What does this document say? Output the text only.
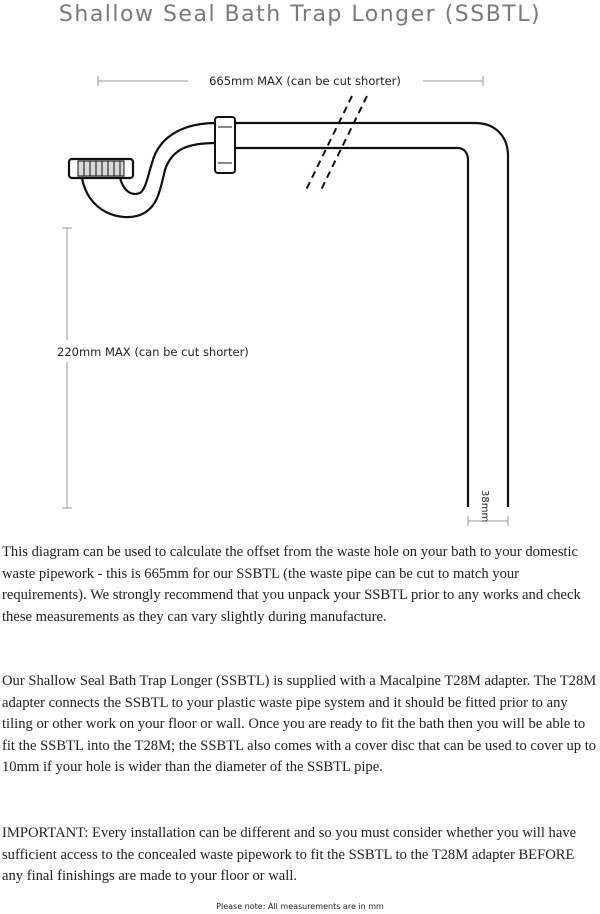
Shallow Seal Bath Trap Longer (SSBTL)
665mm MAX (can be cut shorter)
220mm MAX (can be cut shorter)
38mm

This diagram can be used to calculate the offset from the waste hole on your bath to your domestic waste pipework - this is 665mm for our SSBTL (the waste pipe can be cut to match your requirements). We strongly recommend that you unpack your SSBTL prior to any works and check these measurements as they can vary slightly during manufacture.

Our Shallow Seal Bath Trap Longer (SSBTL) is supplied with a Macalpine T28M adapter. The T28M adapter connects the SSBTL to your plastic waste pipe system and it should be fitted prior to any tiling or other work on your floor or wall. Once you are ready to fit the bath then you will be able to fit the SSBTL into the T28M; the SSBTL also comes with a cover disc that can be used to cover up to 10mm if your hole is wider than the diameter of the SSBTL pipe.

IMPORTANT: Every installation can be different and so you must consider whether you will have sufficient access to the concealed waste pipework to fit the SSBTL to the T28M adapter BEFORE any final finishings are made to your floor or wall.

Please note: All measurements are in mm
